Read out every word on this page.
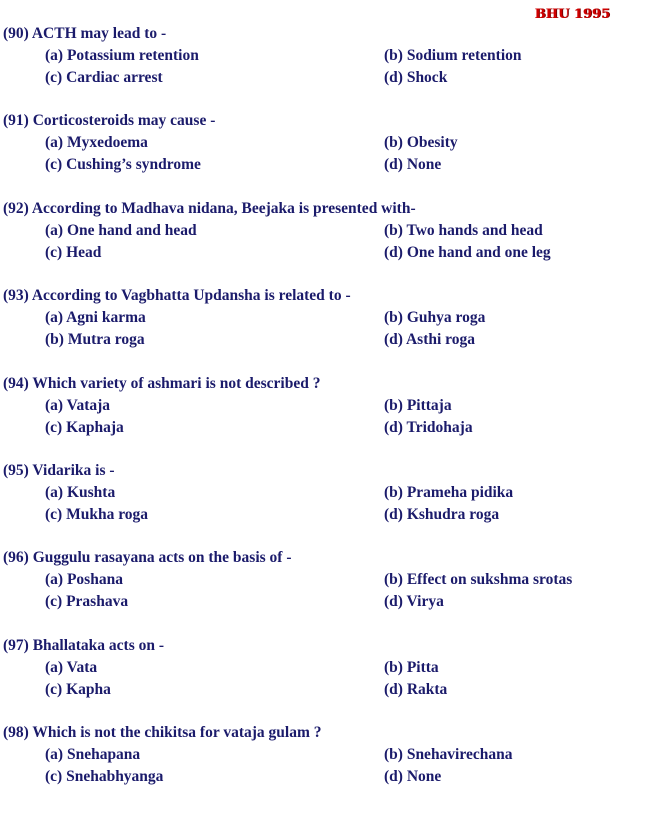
BHU 1995
(90) ACTH may lead to -
(a) Potassium retention	(b) Sodium retention
(c) Cardiac arrest	(d) Shock
(91) Corticosteroids may cause -
(a) Myxedoema	(b) Obesity
(c) Cushing’s syndrome	(d) None
(92) According to Madhava nidana, Beejaka is presented with-
(a) One hand and head	(b) Two hands and head
(c) Head	(d) One hand and one leg
(93) According to Vagbhatta Updansha is related to -
(a) Agni karma	(b) Guhya roga
(b) Mutra roga	(d) Asthi roga
(94) Which variety of ashmari is not described ?
(a) Vataja	(b) Pittaja
(c) Kaphaja	(d) Tridohaja
(95) Vidarika is -
(a) Kushta	(b) Prameha pidika
(c) Mukha roga	(d) Kshudra roga
(96) Guggulu rasayana acts on the basis of -
(a) Poshana	(b) Effect on sukshma srotas
(c) Prashava	(d) Virya
(97) Bhallataka acts on -
(a) Vata	(b) Pitta
(c) Kapha	(d) Rakta
(98) Which is not the chikitsa for vataja gulam ?
(a) Snehapana	(b) Snehavirechana
(c) Snehabhyanga	(d) None
